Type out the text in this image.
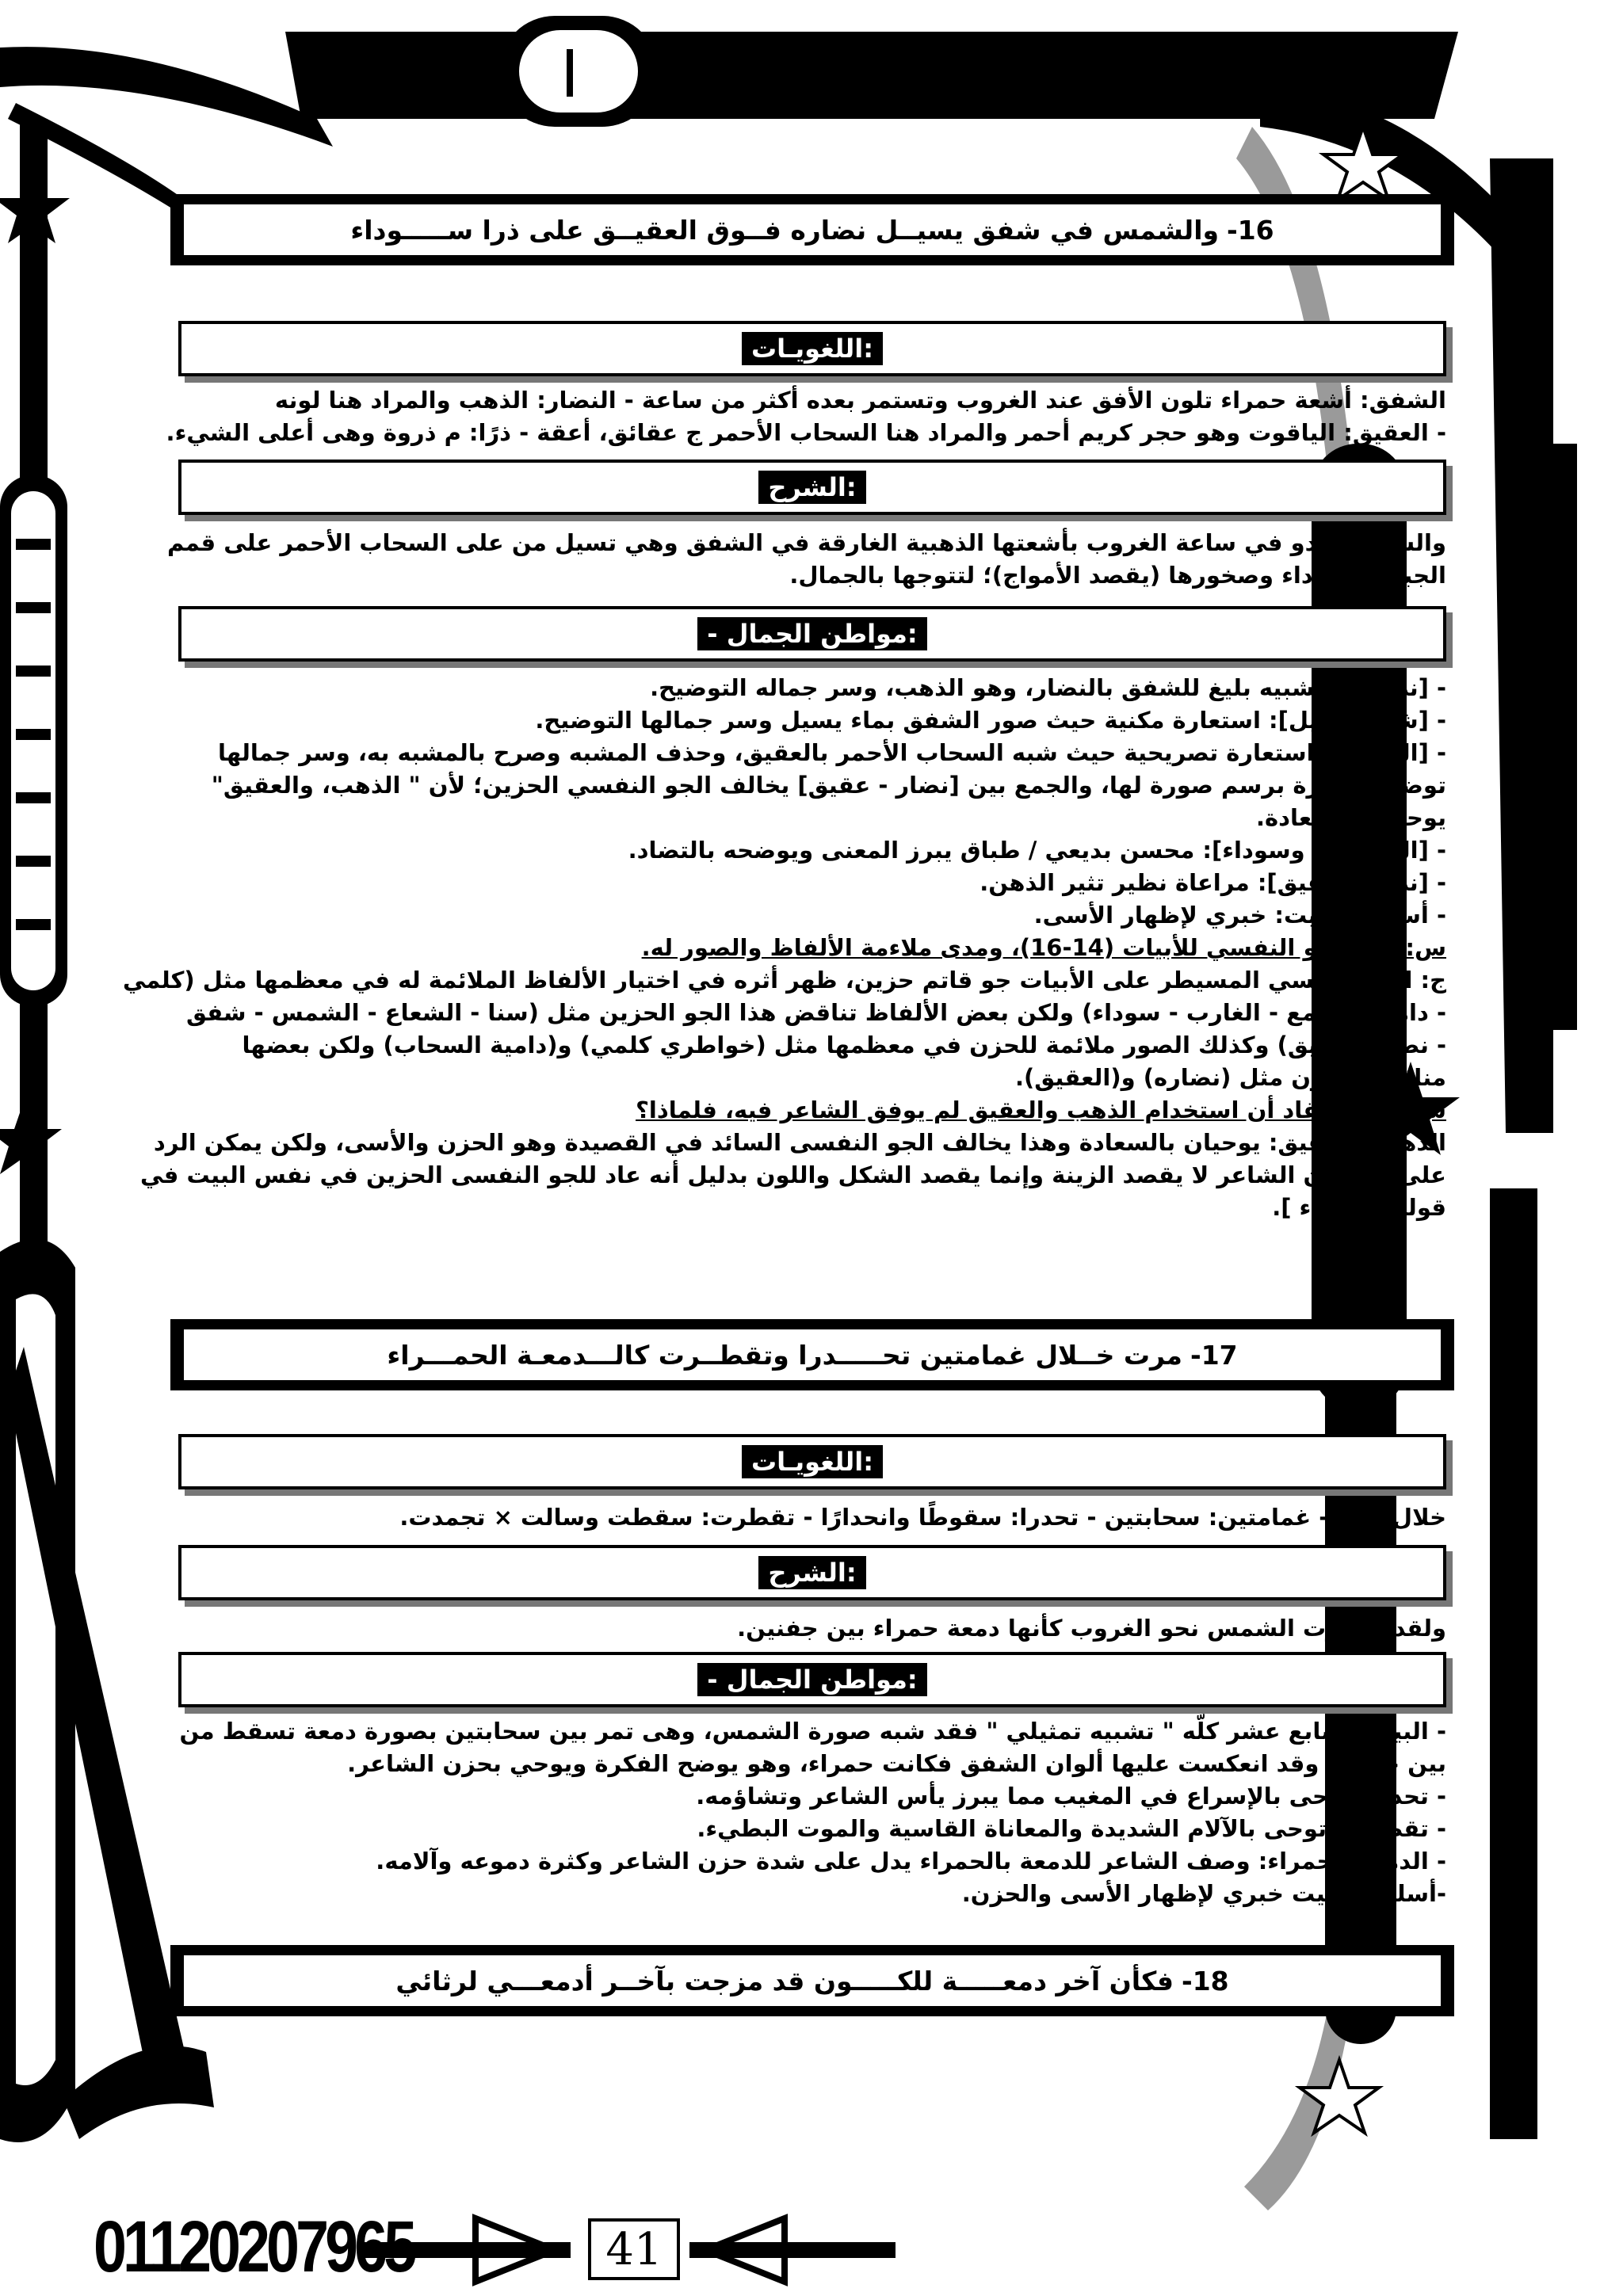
01120207965	41
16-
والشمس في شفق يسيــل نضاره فــوق العقيــق على ذرا ســـــوداء
:اللغويـات

الشفق: أشعة حمراء تلون الأفق عند الغروب وتستمر بعده أكثر من ساعة - النضار: الذهب والمراد هنا لونه

- العقيق: الياقوت وهو حجر كريم أحمر والمراد هنا السحاب الأحمر ج عقائق، أعقة - ذرًا: م ذروة وهى أعلى الشيء.

:الشرح

والشمس تبدو في ساعة الغروب بأشعتها الذهبية الغارقة في الشفق وهي تسيل من على السحاب الأحمر على قمم

الجبال السوداء وصخورها (يقصد الأمواج)؛ لتتوجها بالجمال.

:مواطن الجمال -

- [نضاره]: تشبيه بليغ للشفق بالنضار، وهو الذهب، وسر جماله التوضيح.

- [شفق يسيل]: استعارة مكنية حيث صور الشفق بماء يسيل وسر جمالها التوضيح.

- [العقيق]: استعارة تصريحية حيث شبه السحاب الأحمر بالعقيق، وحذف المشبه وصرح بالمشبه به، وسر جمالها

توضيح الفكرة برسم صورة لها، والجمع بين [نضار - عقيق] يخالف الجو النفسي الحزين؛ لأن " الذهب، والعقيق"

يوحيان بالسعادة.

- [الشمس - وسوداء]: محسن بديعي / طباق يبرز المعنى ويوضحه بالتضاد.

- [نضار - عقيق]: مراعاة نظير تثير الذهن.

- أسلوب البيت: خبري لإظهار الأسى.

س: بين الجو النفسي للأبيات (14-16)، ومدى ملاءمة الألفاظ والصور له.

ج: الجو النفسي المسيطر على الأبيات جو قاتم حزين، ظهر أثره في اختيار الألفاظ الملائمة له في معظمها مثل (كلمي

- دامية - الدمع - الغارب - سوداء) ولكن بعض الألفاظ تناقض هذا الجو الحزين مثل (سنا - الشعاع - الشمس - شفق

- نضار - عقيق) وكذلك الصور ملائمة للحزن في معظمها مثل (خواطري كلمي) و(دامية السحاب) ولكن بعضها

مناقض للحزن مثل (نضاره) و(العقيق).

س: يرى النقاد أن استخدام الذهب والعقيق لم يوفق الشاعر فيه، فلماذا؟

الذهب والعقيق: يوحيان بالسعادة وهذا يخالف الجو النفسى السائد في القصيدة وهو الحزن والأسى، ولكن يمكن الرد

على ذلك بأن الشاعر لا يقصد الزينة وإنما يقصد الشكل واللون بدليل أنه عاد للجو النفسى الحزين في نفس البيت في

قوله [ سوداء ].

17-
مرت خــلال غمامتين تحـــــدرا وتقطــرت كالـــدمعـة الحمـــراء
:اللغويـات

خلال: بين - غمامتين: سحابتين - تحدرا: سقوطًا وانحدارًا - تقطرت: سقطت وسالت × تجمدت.

:الشرح

ولقد انحدرت الشمس نحو الغروب كأنها دمعة حمراء بين جفنين.

:مواطن الجمال -

- البيت السابع عشر كلّه " تشبيه تمثيلي " فقد شبه صورة الشمس، وهى تمر بين سحابتين بصورة دمعة تسقط من

بين جفنين وقد انعكست عليها ألوان الشفق فكانت حمراء، وهو يوضح الفكرة ويوحي بحزن الشاعر.

- تحدرا: توحى بالإسراع في المغيب مما يبرز يأس الشاعر وتشاؤمه.

- تقطرت: توحى بالآلام الشديدة والمعاناة القاسية والموت البطيء.

- الدمعة الحمراء: وصف الشاعر للدمعة بالحمراء يدل على شدة حزن الشاعر وكثرة دموعه وآلامه.

-أسلوب البيت خبري لإظهار الأسى والحزن.

18-
فكأن آخر دمعـــــة للكـــــون قد مزجت بآخــر أدمعـــي لرثائي
